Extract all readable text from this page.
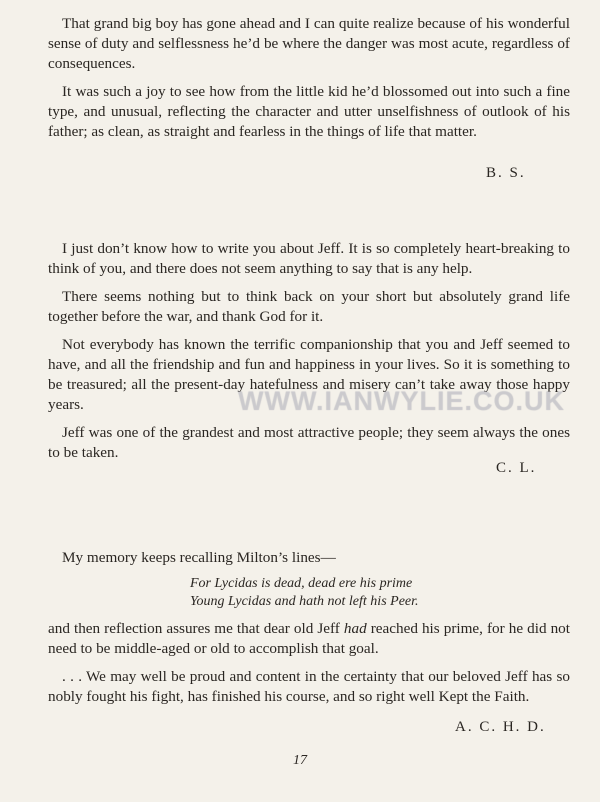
That grand big boy has gone ahead and I can quite realize because of his wonderful sense of duty and selflessness he’d be where the danger was most acute, regardless of consequences.

It was such a joy to see how from the little kid he’d blossomed out into such a fine type, and unusual, reflecting the character and utter unselfishness of outlook of his father; as clean, as straight and fearless in the things of life that matter.

B. S.

I just don’t know how to write you about Jeff. It is so completely heart-breaking to think of you, and there does not seem anything to say that is any help.

There seems nothing but to think back on your short but absolutely grand life together before the war, and thank God for it.

Not everybody has known the terrific companionship that you and Jeff seemed to have, and all the friendship and fun and happiness in your lives. So it is something to be treasured; all the present-day hatefulness and misery can’t take away those happy years.

Jeff was one of the grandest and most attractive people; they seem always the ones to be taken.

C. L.

My memory keeps recalling Milton’s lines—

For Lycidas is dead, dead ere his prime
Young Lycidas and hath not left his Peer.

and then reflection assures me that dear old Jeff had reached his prime, for he did not need to be middle-aged or old to accomplish that goal.

. . . We may well be proud and content in the certainty that our beloved Jeff has so nobly fought his fight, has finished his course, and so right well Kept the Faith.

A. C. H. D.
17
WWW.IANWYLIE.CO.UK
